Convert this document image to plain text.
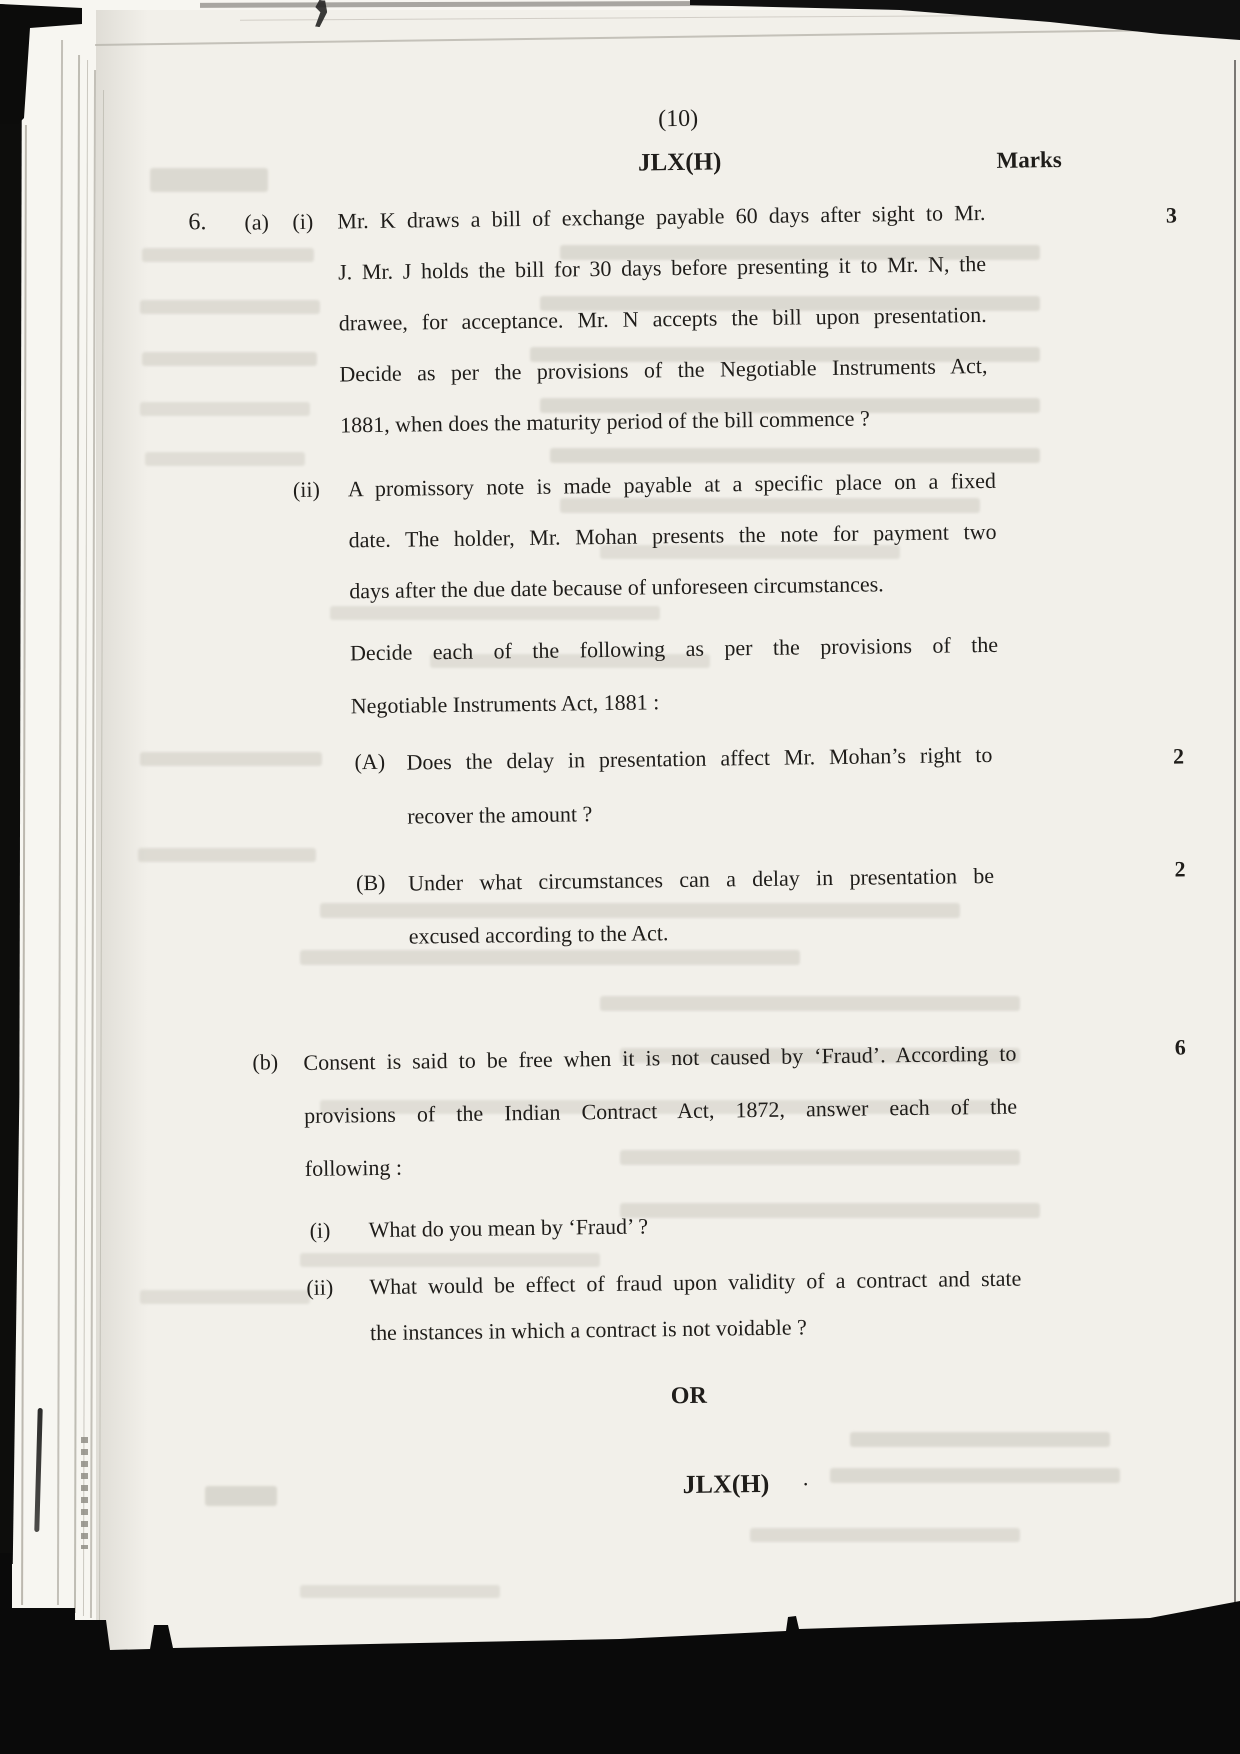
(10)
JLX(H)	Marks
6. (a) (i) Mr. K draws a bill of exchange payable 60 days after sight to Mr.
J. Mr. J holds the bill for 30 days before presenting it to Mr. N, the
drawee, for acceptance. Mr. N accepts the bill upon presentation.
Decide as per the provisions of the Negotiable Instruments Act,
1881, when does the maturity period of the bill commence ?
3
(ii) A promissory note is made payable at a specific place on a fixed
date. The holder, Mr. Mohan presents the note for payment two
days after the due date because of unforeseen circumstances.
Decide each of the following as per the provisions of the
Negotiable Instruments Act, 1881 :
(A) Does the delay in presentation affect Mr. Mohan’s right to
recover the amount ?
2
(B) Under what circumstances can a delay in presentation be
excused according to the Act.
2
(b) Consent is said to be free when it is not caused by ‘Fraud’. According to
provisions of the Indian Contract Act, 1872, answer each of the
following :
6
(i) What do you mean by ‘Fraud’ ?
(ii) What would be effect of fraud upon validity of a contract and state
the instances in which a contract is not voidable ?
OR
JLX(H)	·
